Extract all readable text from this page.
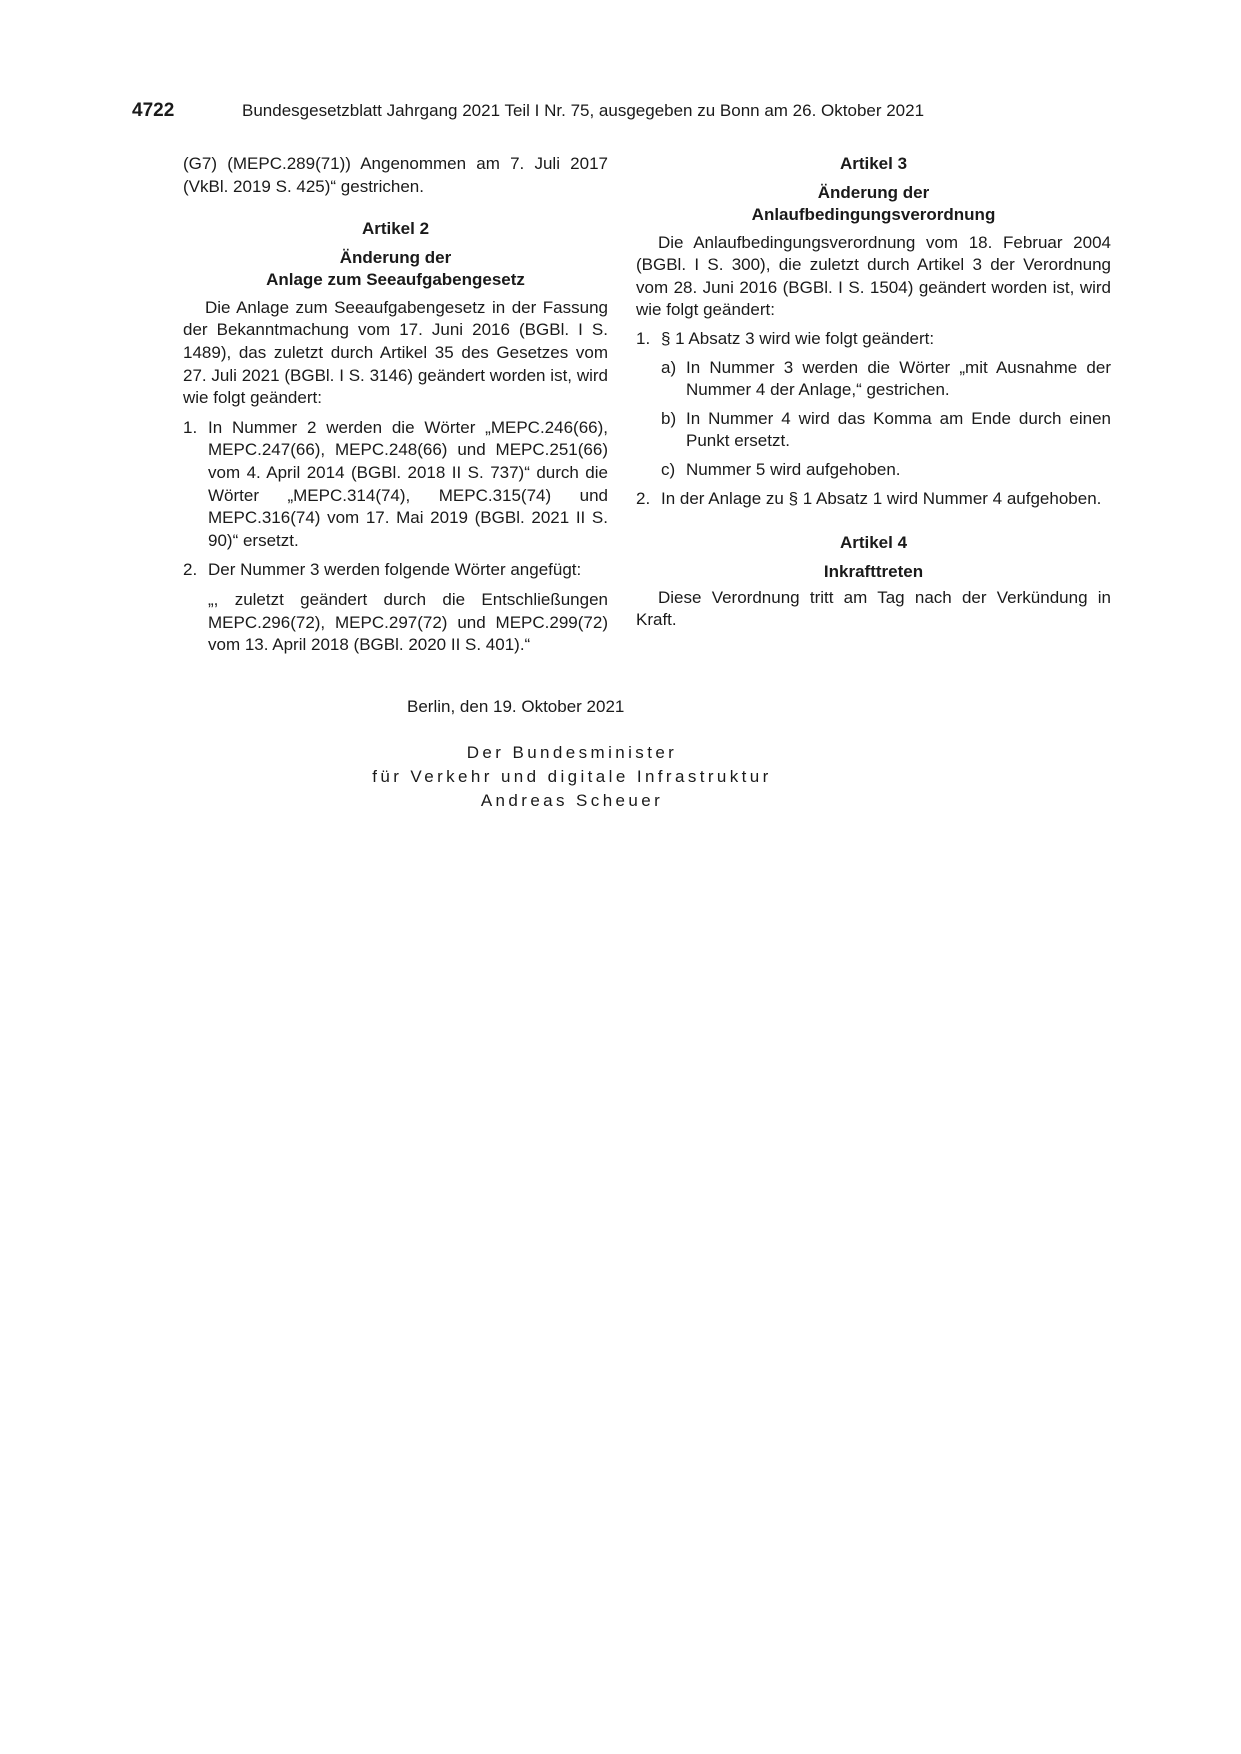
4722	Bundesgesetzblatt Jahrgang 2021 Teil I Nr. 75, ausgegeben zu Bonn am 26. Oktober 2021

(G7) (MEPC.289(71)) Angenommen am 7. Juli 2017 (VkBl. 2019 S. 425)“ gestrichen.

Artikel 2

Änderung der

Anlage zum Seeaufgabengesetz

Die Anlage zum Seeaufgabengesetz in der Fassung der Bekanntmachung vom 17. Juni 2016 (BGBl. I S. 1489), das zuletzt durch Artikel 35 des Gesetzes vom 27. Juli 2021 (BGBl. I S. 3146) geändert worden ist, wird wie folgt geändert:

1. In Nummer 2 werden die Wörter „MEPC.246(66), MEPC.247(66), MEPC.248(66) und MEPC.251(66) vom 4. April 2014 (BGBl. 2018 II S. 737)“ durch die Wörter „MEPC.314(74), MEPC.315(74) und MEPC.316(74) vom 17. Mai 2019 (BGBl. 2021 II S. 90)“ ersetzt.

2. Der Nummer 3 werden folgende Wörter angefügt:

„, zuletzt geändert durch die Entschließungen MEPC.296(72), MEPC.297(72) und MEPC.299(72) vom 13. April 2018 (BGBl. 2020 II S. 401).“

Artikel 3

Änderung der

Anlaufbedingungsverordnung

Die Anlaufbedingungsverordnung vom 18. Februar 2004 (BGBl. I S. 300), die zuletzt durch Artikel 3 der Verordnung vom 28. Juni 2016 (BGBl. I S. 1504) geändert worden ist, wird wie folgt geändert:

1. § 1 Absatz 3 wird wie folgt geändert:

a) In Nummer 3 werden die Wörter „mit Ausnahme der Nummer 4 der Anlage,“ gestrichen.

b) In Nummer 4 wird das Komma am Ende durch einen Punkt ersetzt.

c) Nummer 5 wird aufgehoben.

2. In der Anlage zu § 1 Absatz 1 wird Nummer 4 aufgehoben.

Artikel 4

Inkrafttreten

Diese Verordnung tritt am Tag nach der Verkündung in Kraft.

Berlin, den 19. Oktober 2021
Der Bundesminister
für Verkehr und digitale Infrastruktur
Andreas Scheuer
